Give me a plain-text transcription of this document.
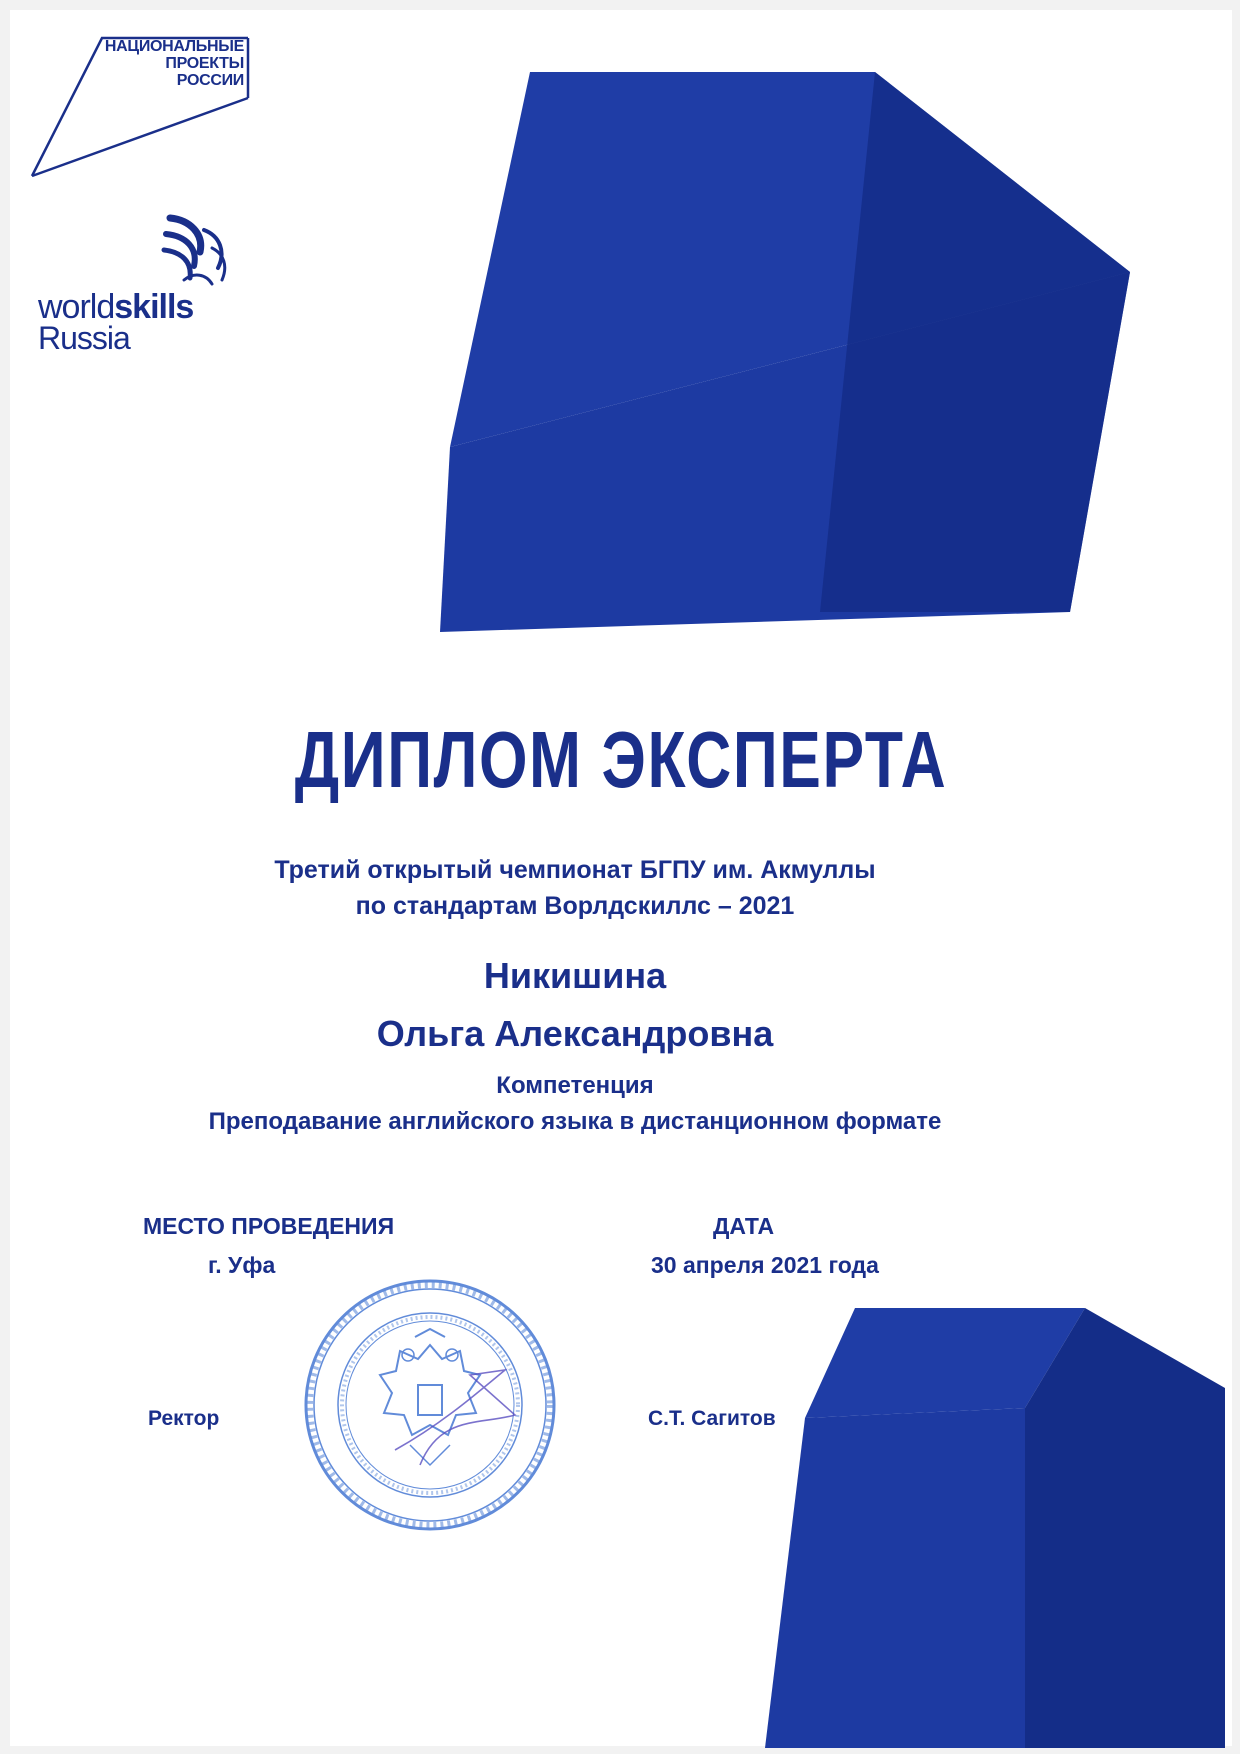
НАЦИОНАЛЬНЫЕ
ПРОЕКТЫ
РОССИИ
worldskills
Russia
ДИПЛОМ ЭКСПЕРТА
Третий открытый чемпионат БГПУ им. Акмуллы
по стандартам Ворлдскиллс – 2021
Никишина
Ольга Александровна
Компетенция
Преподавание английского языка в дистанционном формате
МЕСТО ПРОВЕДЕНИЯ
г. Уфа
ДАТА
30 апреля 2021 года
Ректор	С.Т. Сагитов
